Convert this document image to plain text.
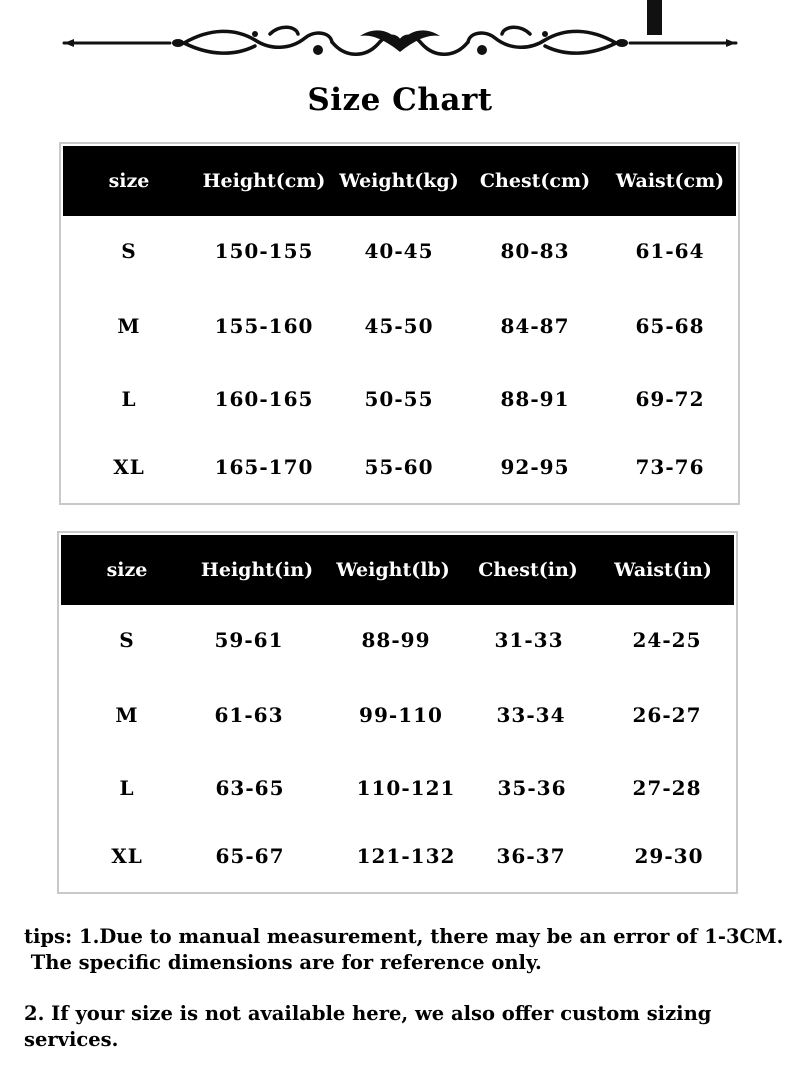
Size Chart
size	Height(cm) Weight(kg) Chest(cm) Waist(cm)
S	150-155	40-45	80-83	61-64
M	155-160	45-50	84-87	65-68
L	160-165	50-55	88-91	69-72
XL	165-170	55-60	92-95	73-76
size	Height(in) Weight(lb) Chest(in) Waist(in)
S	59-61	88-99	31-33	24-25
M	61-63	99-110	33-34	26-27
L	63-65	110-121 35-36	27-28
XL	65-67	121-132 36-37	29-30

tips: 1.Due to manual measurement, there may be an error of 1-3CM.

The specific dimensions are for reference only.

2. If your size is not available here, we also offer custom sizing

services.
